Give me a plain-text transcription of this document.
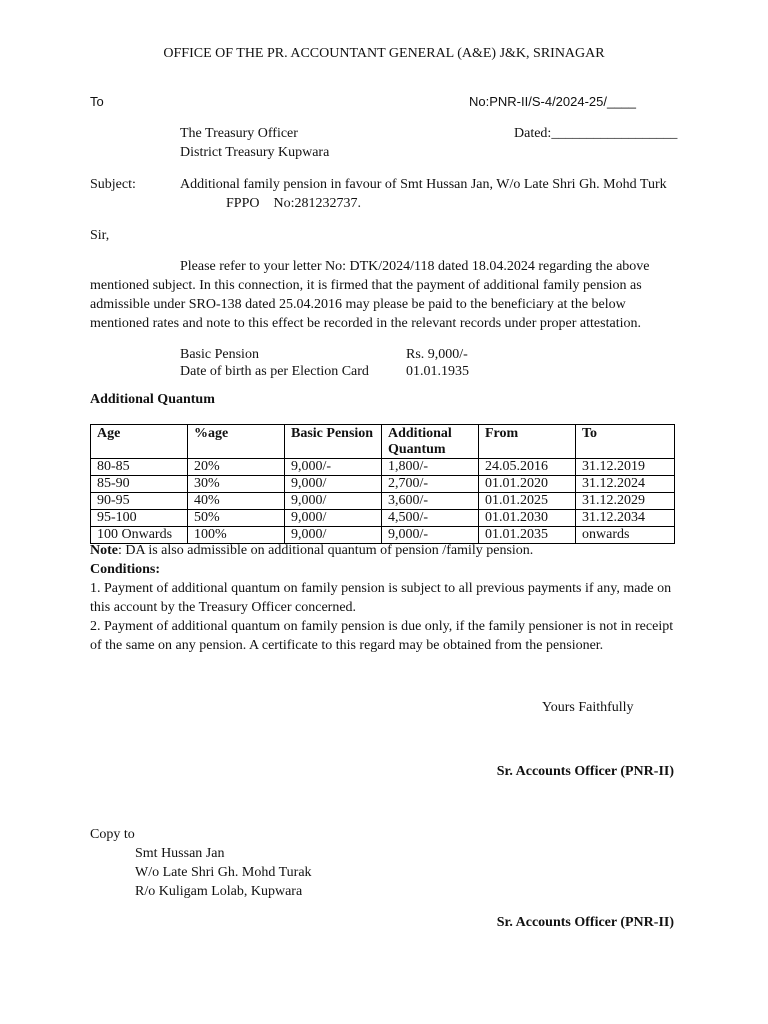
OFFICE OF THE PR. ACCOUNTANT GENERAL (A&E) J&K, SRINAGAR
To	No:PNR-II/S-4/2024-25/____
The Treasury Officer	Dated:__________________
District Treasury Kupwara
Subject:	Additional family pension in favour of Smt Hussan Jan, W/o Late Shri Gh. Mohd Turk
FPPO    No:281232737.
Sir,
Please refer to your letter No: DTK/2024/118 dated 18.04.2024 regarding the above
mentioned subject. In this connection, it is firmed that the payment of additional family pension as
admissible under SRO-138 dated 25.04.2016 may please be paid to the beneficiary at the below
mentioned rates and note to this effect be recorded in the relevant records under proper attestation.
Basic Pension	Rs. 9,000/-
Date of birth as per Election Card	01.01.1935
Additional Quantum
Age	%age	Basic Pension	Additional Quantum	From	To
80-85	20%	9,000/-	1,800/-	24.05.2016	31.12.2019
85-90	30%	9,000/	2,700/-	01.01.2020	31.12.2024
90-95	40%	9,000/	3,600/-	01.01.2025	31.12.2029
95-100	50%	9,000/	4,500/-	01.01.2030	31.12.2034
100 Onwards	100%	9,000/	9,000/-	01.01.2035	onwards
Note: DA is also admissible on additional quantum of pension /family pension.
Conditions:
1. Payment of additional quantum on family pension is subject to all previous payments if any, made on
this account by the Treasury Officer concerned.
2. Payment of additional quantum on family pension is due only, if the family pensioner is not in receipt
of the same on any pension. A certificate to this regard may be obtained from the pensioner.
Yours Faithfully
Sr. Accounts Officer (PNR-II)
Copy to
Smt Hussan Jan
W/o Late Shri Gh. Mohd Turak
R/o Kuligam Lolab, Kupwara
Sr. Accounts Officer (PNR-II)
